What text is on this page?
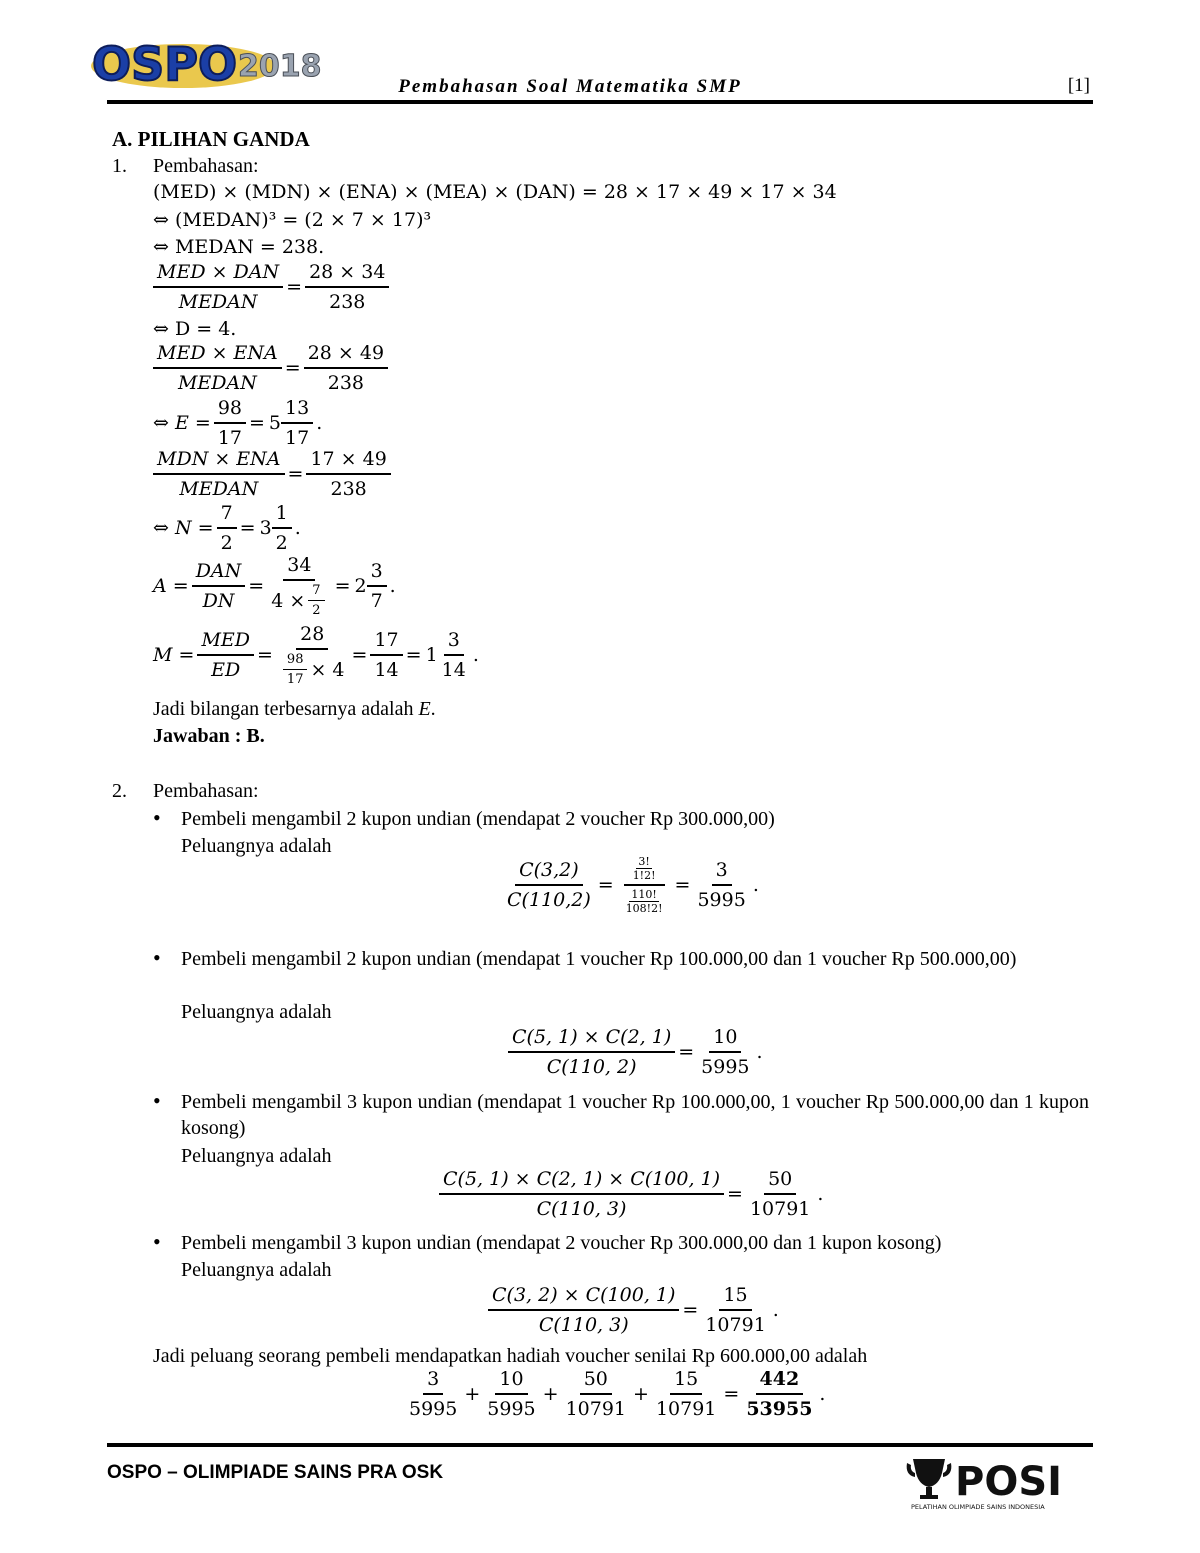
OSPO 2018
Pembahasan Soal Matematika SMP	[1]
A. PILIHAN GANDA
1. Pembahasan:
(MED) × (MDN) × (ENA) × (MEA) × (DAN) = 28 × 17 × 49 × 17 × 34
⇔ (MEDAN)³ = (2 × 7 × 17)³
⇔ MEDAN = 238.
$\frac{\text{MED × DAN}}{\text{MEDAN}} = \frac{28 \times 34}{238}$
⇔ D = 4.
$\frac{\text{MED × ENA}}{\text{MEDAN}} = \frac{28 \times 49}{238}$
⇔ $E = \frac{98}{17} = 5 \frac{13}{17}$ .
$\frac{\text{MDN × ENA}}{\text{MEDAN}} = \frac{17 \times 49}{238}$
⇔ $N = \frac{7}{2} = 3 \frac{1}{2}$ .
$A = \frac{\text{DAN}}{DN} = \frac{34}{4 \times \frac{7}{2}} = 2 \frac{3}{7}$ .
$M = \frac{\text{MED}}{ED} = \frac{28}{\frac{98}{17} \times 4} = \frac{17}{14} = 1 \frac{3}{14}$ .
Jadi bilangan terbesarnya adalah E.
Jawaban : B.
2. Pembahasan:
• Pembeli mengambil 2 kupon undian (mendapat 2 voucher Rp 300.000,00)
Peluangnya adalah
$\frac{C(3,2)}{C(110,2)} = \frac{\frac{3!}{1!2!}}{\frac{110!}{108!2!}} = \frac{3}{5995}$ .
• Pembeli mengambil 2 kupon undian (mendapat 1 voucher Rp 100.000,00 dan 1 voucher Rp 500.000,00)
Peluangnya adalah
$\frac{C(5, 1) \times C(2, 1)}{C(110, 2)} = \frac{10}{5995}$ .
• Pembeli mengambil 3 kupon undian (mendapat 1 voucher Rp 100.000,00, 1 voucher Rp 500.000,00 dan 1 kupon kosong)
Peluangnya adalah
$\frac{C(5, 1) \times C(2, 1) \times C(100, 1)}{C(110, 3)} = \frac{50}{10791}$ .
• Pembeli mengambil 3 kupon undian (mendapat 2 voucher Rp 300.000,00 dan 1 kupon kosong)
Peluangnya adalah
$\frac{C(3, 2) \times C(100, 1)}{C(110, 3)} = \frac{15}{10791}$ .
Jadi peluang seorang pembeli mendapatkan hadiah voucher senilai Rp 600.000,00 adalah
$\frac{3}{5995} + \frac{10}{5995} + \frac{50}{10791} + \frac{15}{10791} = \frac{442}{53955}$ .
OSPO – OLIMPIADE SAINS PRA OSK	POSI
PELATIHAN OLIMPIADE SAINS INDONESIA
